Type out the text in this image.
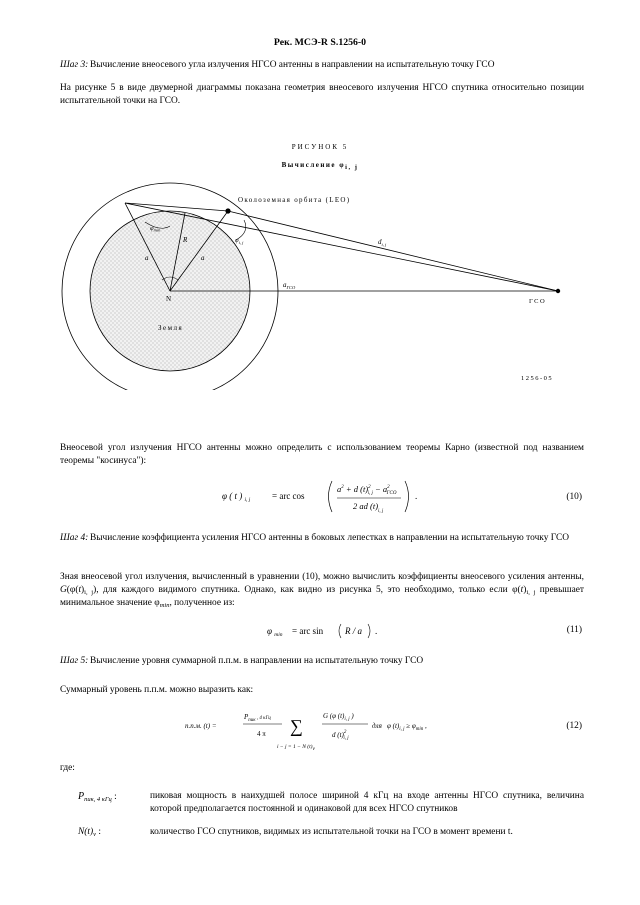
Рек. МСЭ-R S.1256-0
Шаг 3: Вычисление внеосевого угла излучения НГСО антенны в направлении на испытательную точку ГСО
На рисунке 5 в виде двумерной диаграммы показана геометрия внеосевого излучения НГСО спутника относительно позиции испытательной точки на ГСО.
РИСУНОК 5
Вычисление φi, j
Околоземная орбита (LEO)
$\varphi_{min}$
R
a	a
$\varphi_{i, j}$	$d_{i, j}$
$a_{ГСО}$
N	ГСО
Земля
1256-05
Внеосевой угол излучения НГСО антенны можно определить с использованием теоремы Карно (известной под названием теоремы "косинуса"):
φ ( t ) $_{i, j}$ = arc cos
$a^2 + d$ $(t)^2$ i, $j - a^2$ ГСО
2 ad $(t)_{i, j}$
.	(10)
Шаг 4: Вычисление коэффициента усиления НГСО антенны в боковых лепестках в направлении на испытательную точку ГСО
Зная внеосевой угол излучения, вычисленный в уравнении (10), можно вычислить коэффициенты внеосевого усиления антенны, $G(\varphi(t)_{i, j})$, для каждого видимого спутника. Однако, как видно из рисунка 5, это необходимо, только если $\varphi(t)_{i, j}$ превышает минимальное значение $\varphi_{min}$, полученное из:
φ $_{min}$ = arc sin R / a .	(11)
Шаг 5: Вычисление уровня суммарной п.п.м. в направлении на испытательную точку ГСО
Суммарный уровень п.п.м. можно выразить как:
п.п.м. (t) =
$P_{пик}$ $^{, 4 кГц}$
4 π ∑
i − j = 1 − N (t)v
G (φ $(t)_{i, j}$ )
d $(t)^2$ i, j
для φ $(t)_{i, j} \ge \varphi_{min}$ ,	(12)
где:
$P_{пик, 4 кГц}$ :	пиковая мощность в наихудшей полосе шириной 4 кГц на входе антенны НГСО спутника, величина которой предполагается постоянной и одинаковой для всех НГСО спутников
$N(t)_v$ :	количество ГСО спутников, видимых из испытательной точки на ГСО в момент времени t.
